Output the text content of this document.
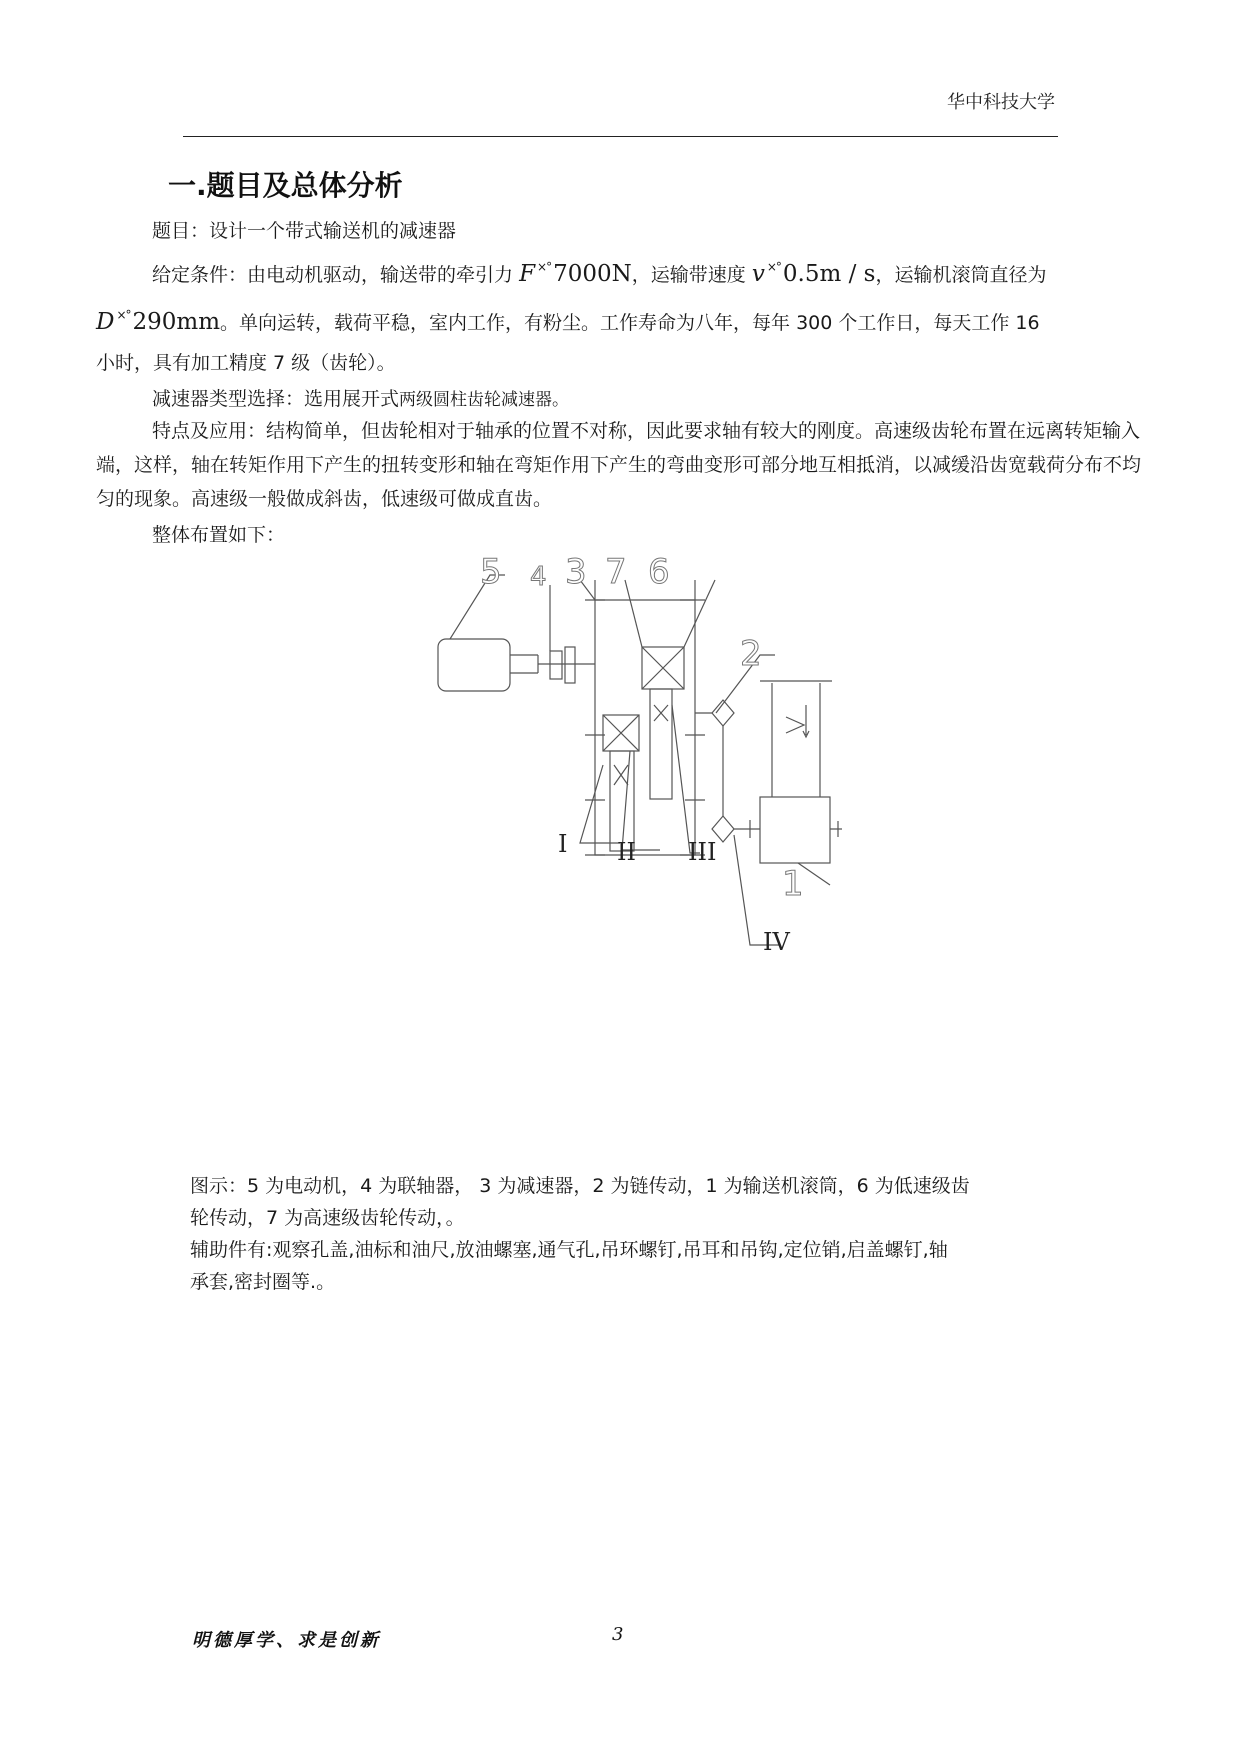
华中科技大学
一.题目及总体分析
题目：设计一个带式输送机的减速器
给定条件：由电动机驱动，输送带的牵引力 F ×°7000N，运输带速度 v ×°0.5m / s，运输机滚筒直径为
D ×°290mm。单向运转，载荷平稳，室内工作，有粉尘。工作寿命为八年，每年 300 个工作日，每天工作 16
小时，具有加工精度 7 级（齿轮）。
减速器类型选择：选用展开式两级圆柱齿轮减速器。
特点及应用：结构简单，但齿轮相对于轴承的位置不对称，因此要求轴有较大的刚度。高速级齿轮布置在远离转矩输入端，这样，轴在转矩作用下产生的扭转变形和轴在弯矩作用下产生的弯曲变形可部分地互相抵消，以减缓沿齿宽载荷分布不均匀的现象。高速级一般做成斜齿，低速级可做成直齿。
整体布置如下：
5 4 3 7 6
2
1
I II III
IV
图示：5 为电动机，4 为联轴器， 3 为减速器，2 为链传动，1 为输送机滚筒，6 为低速级齿
轮传动，7 为高速级齿轮传动，。
辅助件有:观察孔盖,油标和油尺,放油螺塞,通气孔,吊环螺钉,吊耳和吊钩,定位销,启盖螺钉,轴
承套,密封圈等.。
明德厚学、求是创新	3
